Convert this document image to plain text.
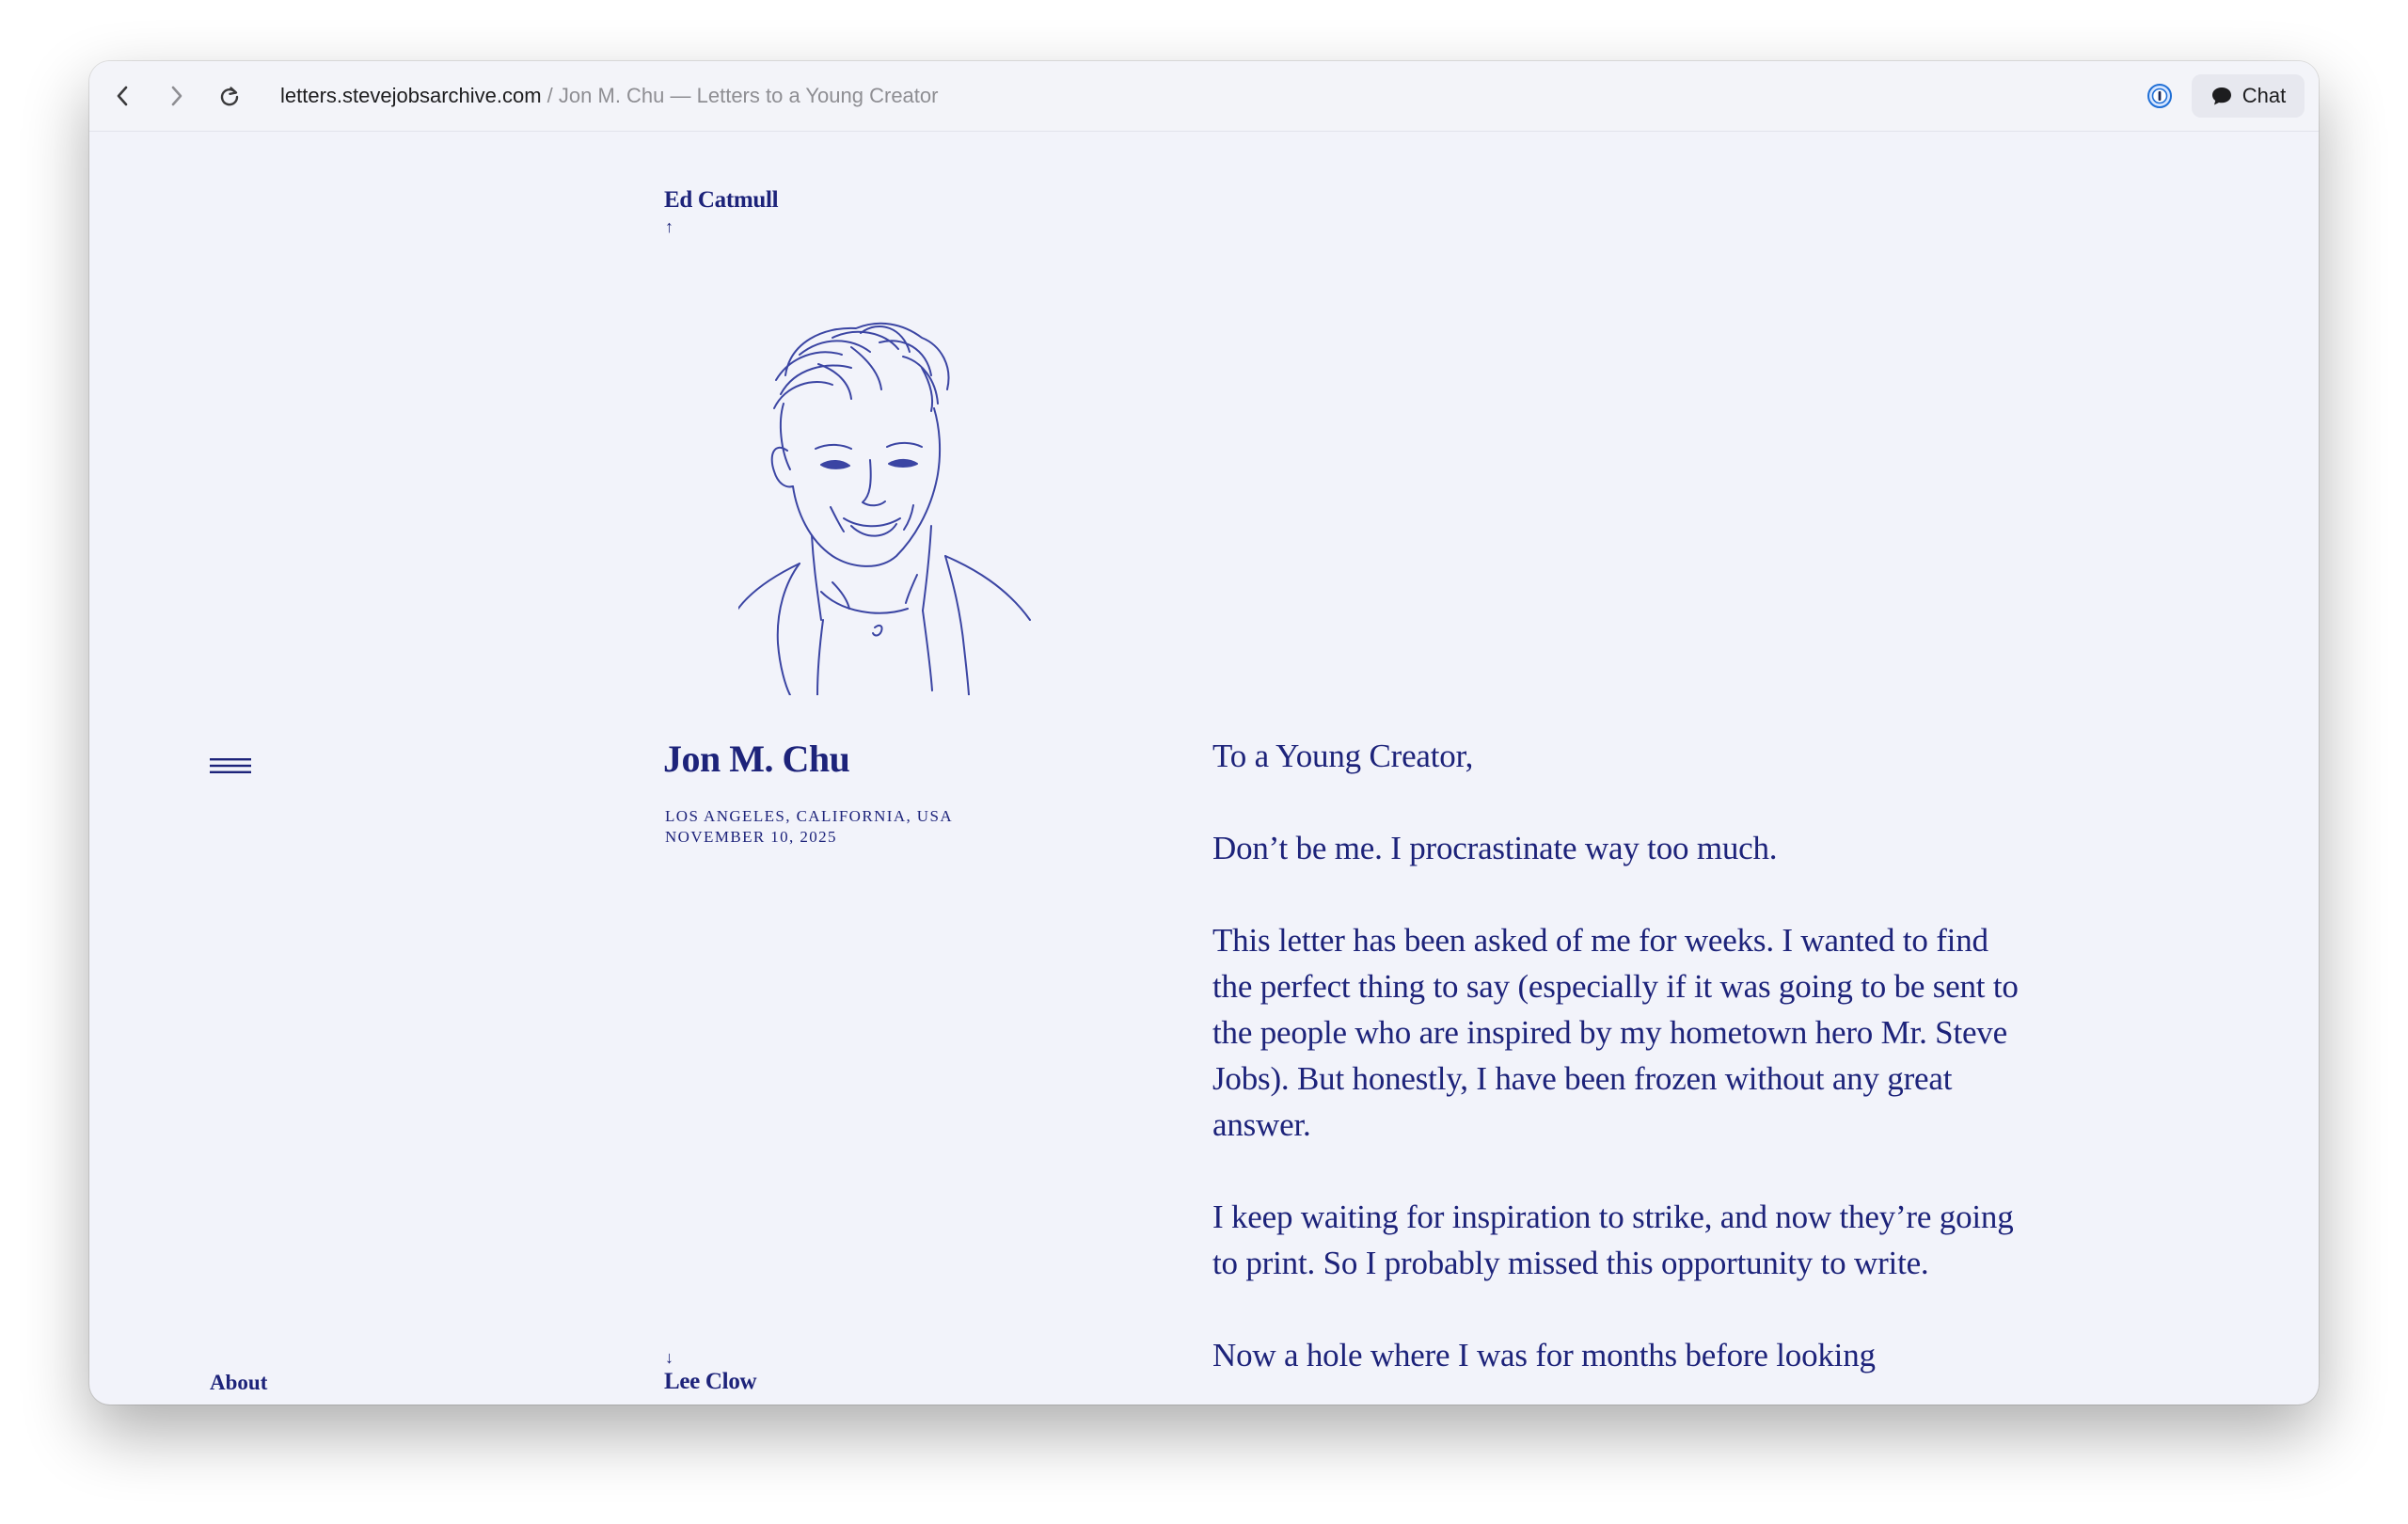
letters.stevejobsarchive.com / Jon M. Chu — Letters to a Young Creator	Chat
Ed Catmull
↑
Jon M. Chu
LOS ANGELES, CALIFORNIA, USA
NOVEMBER 10, 2025
↓
Lee Clow
About

To a Young Creator,

Don’t be me. I procrastinate way too much.

This letter has been asked of me for weeks. I wanted to find the perfect thing to say (especially if it was going to be sent to the people who are inspired by my hometown hero Mr. Steve Jobs). But honestly, I have been frozen without any great answer.

I keep waiting for inspiration to strike, and now they’re going to print. So I probably missed this opportunity to write.

Now a hole where I was for months before looking
